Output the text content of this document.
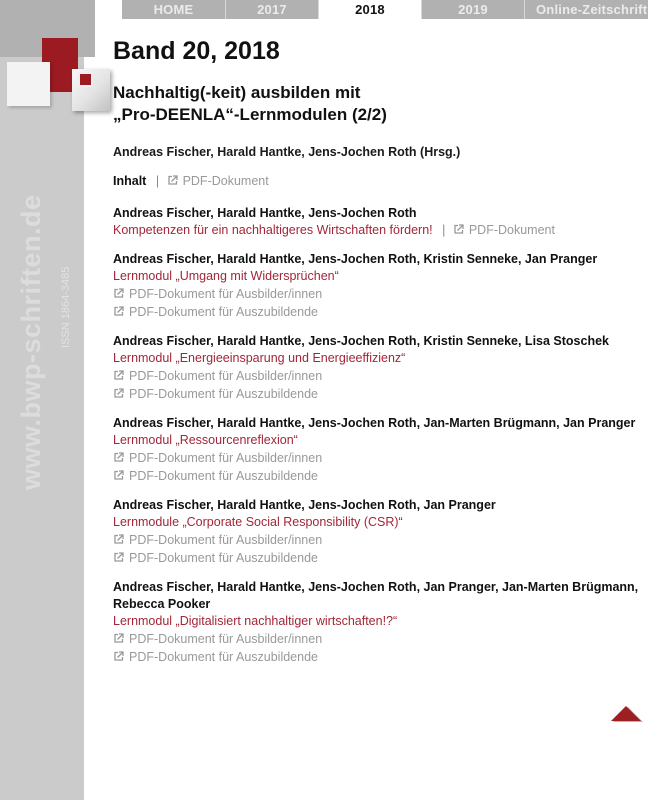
www.bwp-schriften.de ISSN 1864-3485
HOME	2017	2018	2019	Online-Zeitschrift
Band 20, 2018
Nachhaltig(-keit) ausbilden mit
„Pro-DEENLA“-Lernmodulen (2/2)
Andreas Fischer, Harald Hantke, Jens-Jochen Roth (Hrsg.)
Inhalt | PDF-Dokument
Andreas Fischer, Harald Hantke, Jens-Jochen Roth
Kompetenzen für ein nachhaltigeres Wirtschaften fördern! | PDF-Dokument
Andreas Fischer, Harald Hantke, Jens-Jochen Roth, Kristin Senneke, Jan Pranger
Lernmodul „Umgang mit Widersprüchen“
PDF-Dokument für Ausbilder/innen
PDF-Dokument für Auszubildende
Andreas Fischer, Harald Hantke, Jens-Jochen Roth, Kristin Senneke, Lisa Stoschek
Lernmodul „Energieeinsparung und Energieeffizienz“
PDF-Dokument für Ausbilder/innen
PDF-Dokument für Auszubildende
Andreas Fischer, Harald Hantke, Jens-Jochen Roth, Jan-Marten Brügmann, Jan Pranger
Lernmodul „Ressourcenreflexion“
PDF-Dokument für Ausbilder/innen
PDF-Dokument für Auszubildende
Andreas Fischer, Harald Hantke, Jens-Jochen Roth, Jan Pranger
Lernmodule „Corporate Social Responsibility (CSR)“
PDF-Dokument für Ausbilder/innen
PDF-Dokument für Auszubildende
Andreas Fischer, Harald Hantke, Jens-Jochen Roth, Jan Pranger, Jan-Marten Brügmann, Rebecca Pooker
Lernmodul „Digitalisiert nachhaltiger wirtschaften!?“
PDF-Dokument für Ausbilder/innen
PDF-Dokument für Auszubildende
